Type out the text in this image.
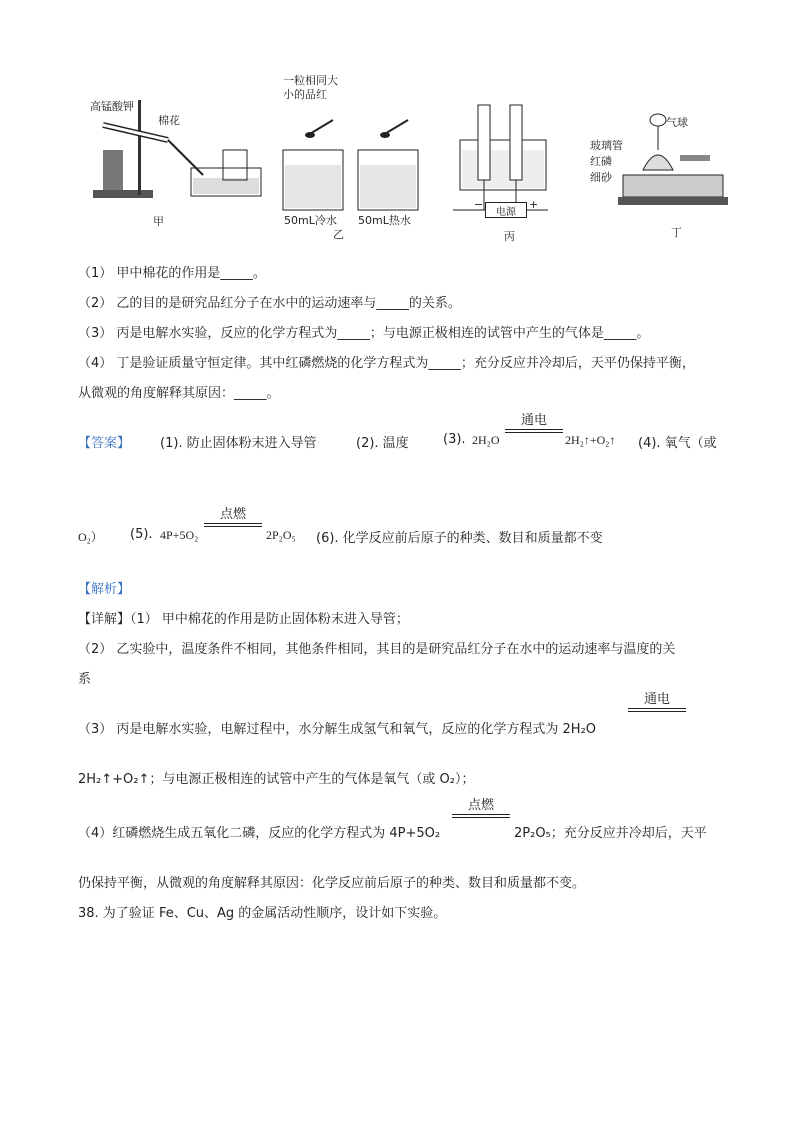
高锰酸钾
棉花
甲
一粒相同大
小的品红
50mL冷水 50mL热水
乙
电源
−	+
丙
气球
玻璃管
红磷
细砂
丁
（1） 甲中棉花的作用是_____。
（2） 乙的目的是研究品红分子在水中的运动速率与_____的关系。
（3） 丙是电解水实验，反应的化学方程式为_____；与电源正极相连的试管中产生的气体是_____。
（4） 丁是验证质量守恒定律。其中红磷燃烧的化学方程式为_____；充分反应并冷却后，天平仍保持平衡，
从微观的角度解释其原因：_____。
【答案】 (1). 防止固体粉末进入导管	(2). 温度	(3). 2H₂O
通电
2H₂↑+O₂↑ (4). 氧气（或
O₂） (5). 4P+5O₂
点燃
2P₂O₅ (6). 化学反应前后原子的种类、数目和质量都不变
【解析】
【详解】（1） 甲中棉花的作用是防止固体粉末进入导管；
（2） 乙实验中，温度条件不相同，其他条件相同，其目的是研究品红分子在水中的运动速率与温度的关
系
（3） 丙是电解水实验，电解过程中，水分解生成氢气和氧气，反应的化学方程式为 2H₂O
通电
2H₂↑+O₂↑；与电源正极相连的试管中产生的气体是氧气（或 O₂）；
（4）红磷燃烧生成五氧化二磷，反应的化学方程式为 4P+5O₂
点燃
2P₂O₅；充分反应并冷却后，天平
仍保持平衡，从微观的角度解释其原因：化学反应前后原子的种类、数目和质量都不变。
38. 为了验证 Fe、Cu、Ag 的金属活动性顺序，设计如下实验。
